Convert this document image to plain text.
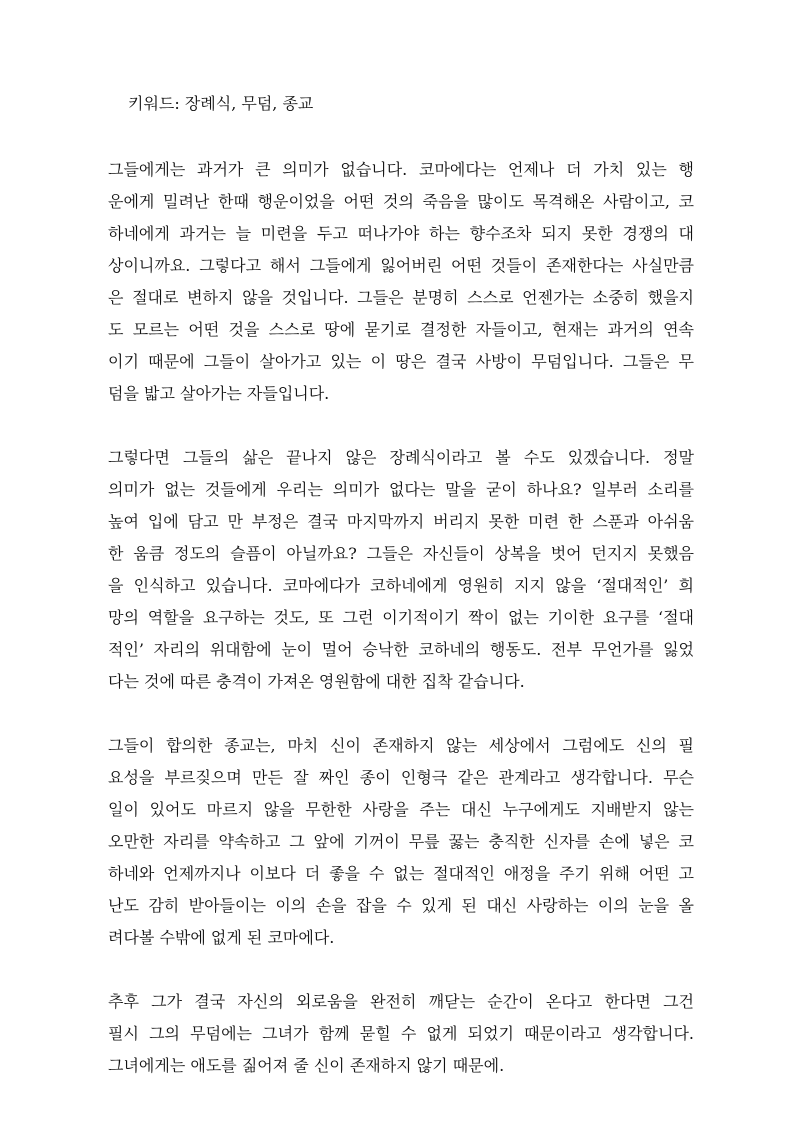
키워드: 장례식, 무덤, 종교

그들에게는 과거가 큰 의미가 없습니다. 코마에다는 언제나 더 가치 있는 행
운에게 밀려난 한때 행운이었을 어떤 것의 죽음을 많이도 목격해온 사람이고, 코
하네에게 과거는 늘 미련을 두고 떠나가야 하는 향수조차 되지 못한 경쟁의 대
상이니까요. 그렇다고 해서 그들에게 잃어버린 어떤 것들이 존재한다는 사실만큼
은 절대로 변하지 않을 것입니다. 그들은 분명히 스스로 언젠가는 소중히 했을지
도 모르는 어떤 것을 스스로 땅에 묻기로 결정한 자들이고, 현재는 과거의 연속
이기 때문에 그들이 살아가고 있는 이 땅은 결국 사방이 무덤입니다. 그들은 무
덤을 밟고 살아가는 자들입니다.

그렇다면 그들의 삶은 끝나지 않은 장례식이라고 볼 수도 있겠습니다. 정말
의미가 없는 것들에게 우리는 의미가 없다는 말을 굳이 하나요? 일부러 소리를
높여 입에 담고 만 부정은 결국 마지막까지 버리지 못한 미련 한 스푼과 아쉬움
한 움큼 정도의 슬픔이 아닐까요? 그들은 자신들이 상복을 벗어 던지지 못했음
을 인식하고 있습니다. 코마에다가 코하네에게 영원히 지지 않을 ‘절대적인’ 희
망의 역할을 요구하는 것도, 또 그런 이기적이기 짝이 없는 기이한 요구를 ‘절대
적인’ 자리의 위대함에 눈이 멀어 승낙한 코하네의 행동도. 전부 무언가를 잃었
다는 것에 따른 충격이 가져온 영원함에 대한 집착 같습니다.

그들이 합의한 종교는, 마치 신이 존재하지 않는 세상에서 그럼에도 신의 필
요성을 부르짖으며 만든 잘 짜인 종이 인형극 같은 관계라고 생각합니다. 무슨
일이 있어도 마르지 않을 무한한 사랑을 주는 대신 누구에게도 지배받지 않는
오만한 자리를 약속하고 그 앞에 기꺼이 무릎 꿇는 충직한 신자를 손에 넣은 코
하네와 언제까지나 이보다 더 좋을 수 없는 절대적인 애정을 주기 위해 어떤 고
난도 감히 받아들이는 이의 손을 잡을 수 있게 된 대신 사랑하는 이의 눈을 올
려다볼 수밖에 없게 된 코마에다.

추후 그가 결국 자신의 외로움을 완전히 깨닫는 순간이 온다고 한다면 그건
필시 그의 무덤에는 그녀가 함께 묻힐 수 없게 되었기 때문이라고 생각합니다.
그녀에게는 애도를 짊어져 줄 신이 존재하지 않기 때문에.
